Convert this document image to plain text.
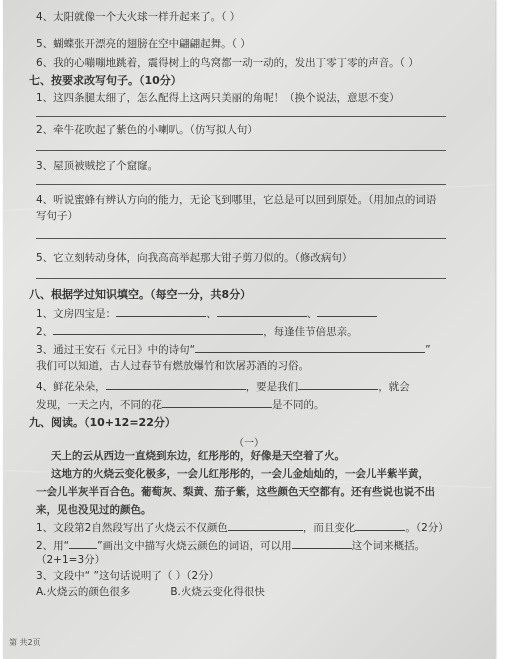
4、太阳就像一个大火球一样升起来了。（ ）
5、蝴蝶张开漂亮的翅膀在空中翩翩起舞。（ ）
6、我的心嘣嘣地跳着，震得树上的鸟窝都一动一动的，发出丁零丁零的声音。（ ）
七、按要求改写句子。（10分）
1、这四条腿太细了，怎么配得上这两只美丽的角呢！（换个说法，意思不变）
2、牵牛花吹起了紫色的小喇叭。（仿写拟人句）
3、屋顶被贼挖了个窟窿。
4、听说蜜蜂有辨认方向的能力，无论飞到哪里，它总是可以回到原处。（用加点的词语
写句子）
5、它立刻转动身体，向我高高举起那大钳子剪刀似的。（修改病句）
八、根据学过知识填空。（每空一分，共8分）
1、文房四宝是：	、	、
2、	，每逢佳节倍思亲。
3、通过王安石《元日》中的诗句“	”
我们可以知道，古人过春节有燃放爆竹和饮屠苏酒的习俗。
4、鲜花朵朵，	，要是我们	，就会
发现，一天之内，不同的花	是不同的。
九、阅读。（10+12=22分）
（一）
天上的云从西边一直烧到东边，红彤彤的，好像是天空着了火。
这地方的火烧云变化极多，一会儿红彤彤的，一会儿金灿灿的，一会儿半紫半黄，
一会儿半灰半百合色。葡萄灰、梨黄、茄子紫，这些颜色天空都有。还有些说也说不出
来，见也没见过的颜色。
1、文段第2自然段写出了火烧云不仅颜色	，而且变化	。（2分）
2、用“	”画出文中描写火烧云颜色的词语，可以用	这个词来概括。
（2+1=3分）
3、文段中“ ”这句话说明了（ ）（2分）
A.火烧云的颜色很多	B.火烧云变化得很快
第 共2页
